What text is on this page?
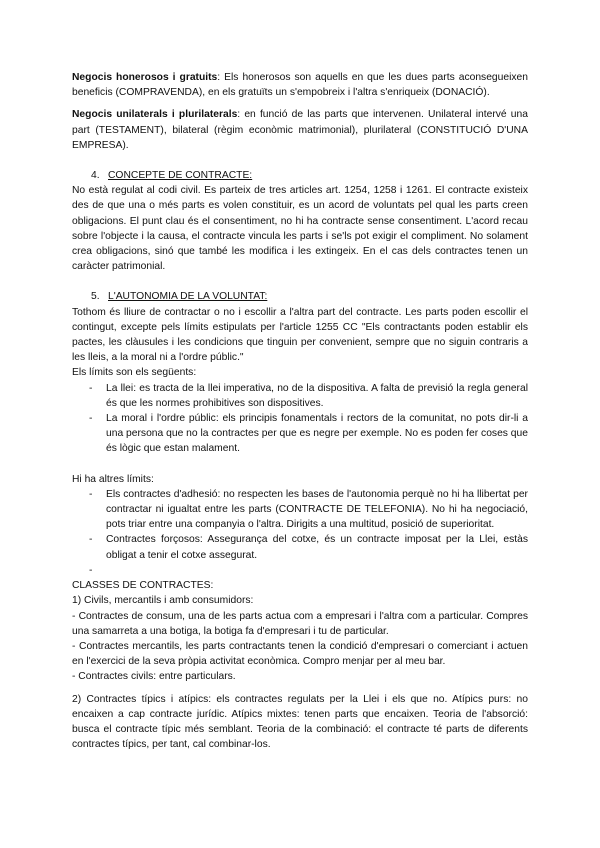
Negocis honerosos i gratuits: Els honerosos son aquells en que les dues parts aconsegueixen beneficis (COMPRAVENDA), en els gratuïts un s'empobreix i l'altra s'enriqueix (DONACIÓ).

Negocis unilaterals i plurilaterals: en funció de las parts que intervenen. Unilateral intervé una part (TESTAMENT), bilateral (règim econòmic matrimonial), plurilateral (CONSTITUCIÓ D'UNA EMPRESA).

4. CONCEPTE DE CONTRACTE:

No està regulat al codi civil. Es parteix de tres articles art. 1254, 1258 i 1261. El contracte existeix des de que una o més parts es volen constituir, es un acord de voluntats pel qual les parts creen obligacions. El punt clau és el consentiment, no hi ha contracte sense consentiment. L'acord recau sobre l'objecte i la causa, el contracte vincula les parts i se'ls pot exigir el compliment. No solament crea obligacions, sinó que també les modifica i les extingeix. En el cas dels contractes tenen un caràcter patrimonial.

5. L'AUTONOMIA DE LA VOLUNTAT:

Tothom és lliure de contractar o no i escollir a l'altra part del contracte. Les parts poden escollir el contingut, excepte pels límits estipulats per l'article 1255 CC "Els contractants poden establir els pactes, les clàusules i les condicions que tinguin per convenient, sempre que no siguin contraris a les lleis, a la moral ni a l'ordre públic."

Els límits son els següents:

- La llei: es tracta de la llei imperativa, no de la dispositiva. A falta de previsió la regla general és que les normes prohibitives son dispositives.
- La moral i l'ordre públic: els principis fonamentals i rectors de la comunitat, no pots dir-li a una persona que no la contractes per que es negre per exemple. No es poden fer coses que és lògic que estan malament.

Hi ha altres límits:

- Els contractes d'adhesió: no respecten les bases de l'autonomia perquè no hi ha llibertat per contractar ni igualtat entre les parts (CONTRACTE DE TELEFONIA). No hi ha negociació, pots triar entre una companyia o l'altra. Dirigits a una multitud, posició de superioritat.
- Contractes forçosos: Assegurança del cotxe, és un contracte imposat per la Llei, estàs obligat a tenir el cotxe assegurat.
-

CLASSES DE CONTRACTES:

1) Civils, mercantils i amb consumidors:

- Contractes de consum, una de les parts actua com a empresari i l'altra com a particular. Compres una samarreta a una botiga, la botiga fa d'empresari i tu de particular.

- Contractes mercantils, les parts contractants tenen la condició d'empresari o comerciant i actuen en l'exercici de la seva pròpia activitat econòmica. Compro menjar per al meu bar.

- Contractes civils: entre particulars.

2) Contractes típics i atípics: els contractes regulats per la Llei i els que no. Atípics purs: no encaixen a cap contracte jurídic. Atípics mixtes: tenen parts que encaixen. Teoria de l'absorció: busca el contracte típic més semblant. Teoria de la combinació: el contracte té parts de diferents contractes típics, per tant, cal combinar-los.
